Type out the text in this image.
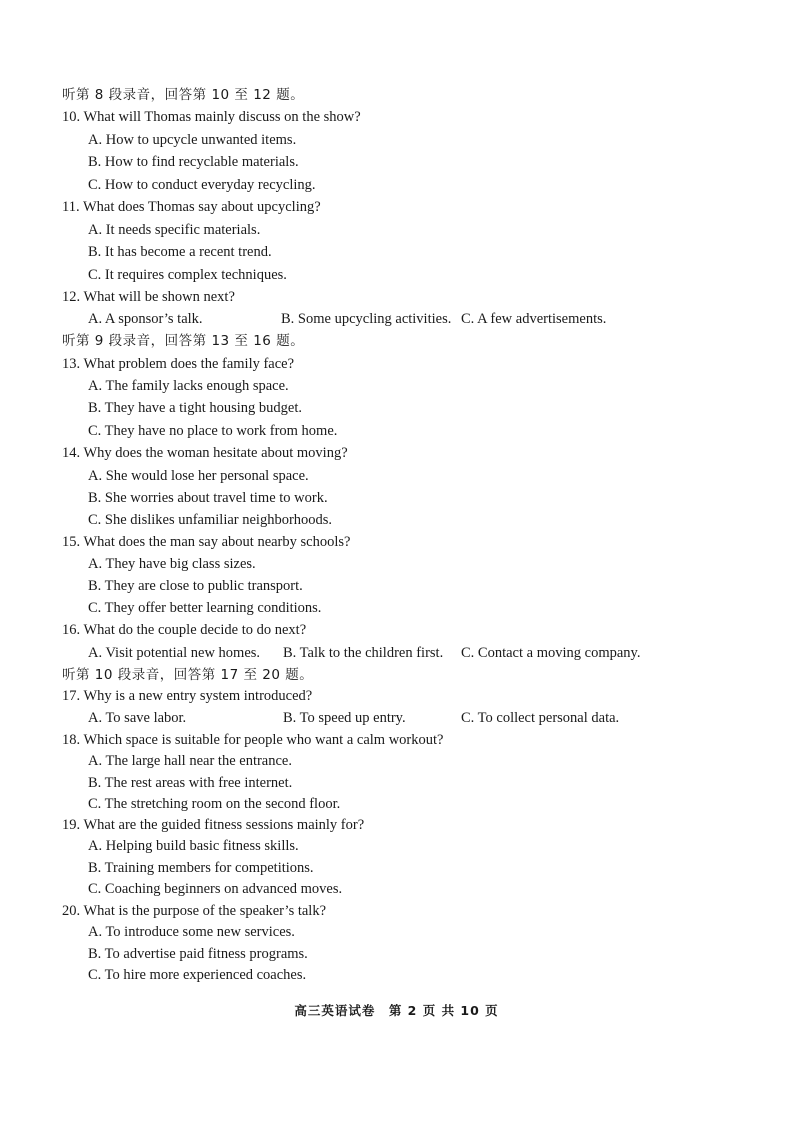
听第 8 段录音，回答第 10 至 12 题。
10. What will Thomas mainly discuss on the show?
A. How to upcycle unwanted items.
B. How to find recyclable materials.
C. How to conduct everyday recycling.
11. What does Thomas say about upcycling?
A. It needs specific materials.
B. It has become a recent trend.
C. It requires complex techniques.
12. What will be shown next?
A. A sponsor’s talk.	B. Some upcycling activities. C. A few advertisements.
听第 9 段录音，回答第 13 至 16 题。
13. What problem does the family face?
A. The family lacks enough space.
B. They have a tight housing budget.
C. They have no place to work from home.
14. Why does the woman hesitate about moving?
A. She would lose her personal space.
B. She worries about travel time to work.
C. She dislikes unfamiliar neighborhoods.
15. What does the man say about nearby schools?
A. They have big class sizes.
B. They are close to public transport.
C. They offer better learning conditions.
16. What do the couple decide to do next?
A. Visit potential new homes. B. Talk to the children first. C. Contact a moving company.
听第 10 段录音，回答第 17 至 20 题。
17. Why is a new entry system introduced?
A. To save labor.	B. To speed up entry.	C. To collect personal data.
18. Which space is suitable for people who want a calm workout?
A. The large hall near the entrance.
B. The rest areas with free internet.
C. The stretching room on the second floor.
19. What are the guided fitness sessions mainly for?
A. Helping build basic fitness skills.
B. Training members for competitions.
C. Coaching beginners on advanced moves.
20. What is the purpose of the speaker’s talk?
A. To introduce some new services.
B. To advertise paid fitness programs.
C. To hire more experienced coaches.
高三英语试卷　第 2 页 共 10 页
